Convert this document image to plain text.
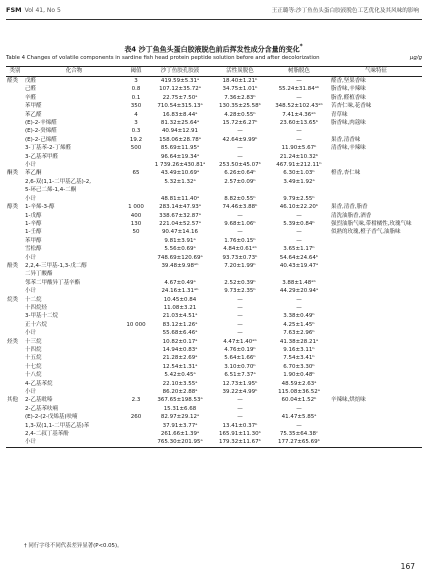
FSM Vol 41, No 5	王正璐等:沙丁鱼鱼头蛋白胶液脱色工艺优化及其风味的影响
表4 沙丁鱼鱼头蛋白胶液脱色前后挥发性成分含量的变化*
Table 4 Changes of volatile components in sardine fish head protein peptide solution before and after decolorization	μg/g
类别	化合物	阈值	沙丁鱼胶孔胶液	活性炭脱色	树脂脱色	气味特征
醛类	戊醛	3	419.59±5.31ᵃ	18.40±1.21ᵇ	—	醛香,坚果香味
	己醛	0.8	107.12±35.72ᵃ	34.75±1.01ᵇ	55.24±31.84ᵃᵇ	脂香味,辛辣味
	辛醛	0.1	22.75±7.50ᵃ	7.36±2.83ᵇ	—	脂香,醛植香味
	苯甲醛	350	710.54±315.13ᵃ	130.35±25.58ᵇ	348.52±102.43ᵃᵇ	苦杏仁味,花香味
	苯乙醛	4	16.83±8.44ᵃ	4.28±0.55ᵇ	7.41±4.36ᵃᵇ	青草味
	(E)-2-辛烯醛	3	81.32±25.64ᵃ	15.72±6.27ᵇ	23.60±13.65ᵇ	脂香味,肉蔻味
	(E)-2-癸烯醛	0.3	40.94±12.91	—	—	
	(E)-2-己烯醛	19.2	158.06±28.78ᵃ	42.64±9.99ᵇ	—	果香,清香味
	3-丁基苯-2-丁烯醛	500	85.69±11.95ᵃ	—	11.90±5.67ᵇ	清香味,辛辣味
	3-乙基苯甲醛		96.64±19.34ᵃ	—	21.24±10.32ᵇ	
	小计		1 739.26±430.81ᵃ	253.50±45.07ᵇ	467.91±212.11ᵇ	
酮类	苯乙酮	65	43.49±10.69ᵃ	6.26±0.64ᵇ	6.30±1.03ᵇ	橙香,杏仁味
	2,6-双(1,1-二甲基乙基)-2,		5.32±1.32ᵃ	2.57±0.09ᵇ	3.49±1.92ᵃ	
	5-环己二烯-1,4-二酮					
	小计		48.81±11.40ᵃ	8.82±0.55ᵇ	9.79±2.55ᵇ	
醇类	1-辛烯-3-醇	1 000	283.14±47.93ᵃ	74.46±3.88ᵇ	46.10±22.20ᵇ	果香,清香,脂香
	1-戊醇	400	338.67±32.87ᵃ	—	—	清洗油脂香,酒香
	1-辛醇	130	221.04±52.57ᵃ	9.68±1.06ᵇ	5.39±0.84ᵇ	强烈油脂气味,带柑橘性,玫瑰气味
	1-壬醇	50	90.47±14.16	—	—	似熟的玫瑰,橙子香气,油脂味
	苯甲醇		9.81±3.91ᵃ	1.76±0.15ᵇ	—	
	雪松醇		5.56±0.69ᵃ	4.84±0.61ᵃᵇ	3.65±1.17ᵇ	
	小计		748.69±120.69ᵃ	93.73±0.73ᵇ	54.64±24.64ᵇ	
酚类	2,2,4-三甲基-1,3-戊二醇		39.48±9.98ᵃᵇ	7.20±1.99ᵇ	40.43±19.47ᵃ	
	二异丁酸酯					
	邻苯二甲酸异丁基辛酯		4.67±0.49ᵃ	2.52±0.39ᵇ	3.88±1.48ᵃᵇ	
	小计		24.16±1.31ᵃᵇ	9.73±2.35ᵇ	44.29±20.94ᵃ	
烷类	十二烷		10.45±0.84	—	—	
	十四烷烃		11.08±3.21	—	—	
	3-甲基十二烷		21.03±4.51ᵃ	—	3.38±0.49ᵇ	
	正十六烷	10 000	83.12±1.26ᵃ	—	4.25±1.45ᵇ	
	小计		55.68±6.46ᵃ	—	7.63±2.96ᵇ	
烃类	十三烷		10.82±0.17ᵃ	4.47±1.40ᵃᵇ	41.38±28.21ᵃ	
	十四烷		14.94±0.83ᵃ	4.76±0.19ᵇ	9.16±3.11ᵇ	
	十五烷		21.28±2.69ᵃ	5.64±1.66ᵇ	7.54±3.41ᵇ	
	十七烷		12.54±1.31ᵃ	3.10±0.70ᵇ	6.70±3.30ᵇ	
	十八烷		5.42±0.45ᵃ	6.51±7.37ᵃ	1.90±0.48ᵇ	
	4-乙基苯烷		22.10±3.55ᵃ	12.73±1.95ᵇ	48.59±2.63ᵃ	
	小计		86.20±2.88ᵃ	39.22±4.99ᵇ	115.08±36.52ᵃ	
其他	2-乙基吡嗪	2.3	367.65±198.53ᵃ	—	60.04±1.52ᵇ	辛辣味,烘焙味
	2-乙基苯呋喃		15.31±6.68	—	—	
	(E)-2-(2-戊烯基)呋喃	260	82.97±29.12ᵃ	—	41.47±5.85ᵃ	
	1,3-双(1,1-二甲基乙基)苯		37.91±3.77ᵃ	13.41±0.37ᵇ	—	
	2,4-二叔丁基苯酚		261.66±1.39ᵃ	165.91±11.30ᵇ	75.35±64.38ᶜ	
	小计		765.30±201.95ᵃ	179.32±11.67ᵇ	177.27±65.69ᵇ	
† 同行字母不同代表差异显著(P<0.05)。
167
